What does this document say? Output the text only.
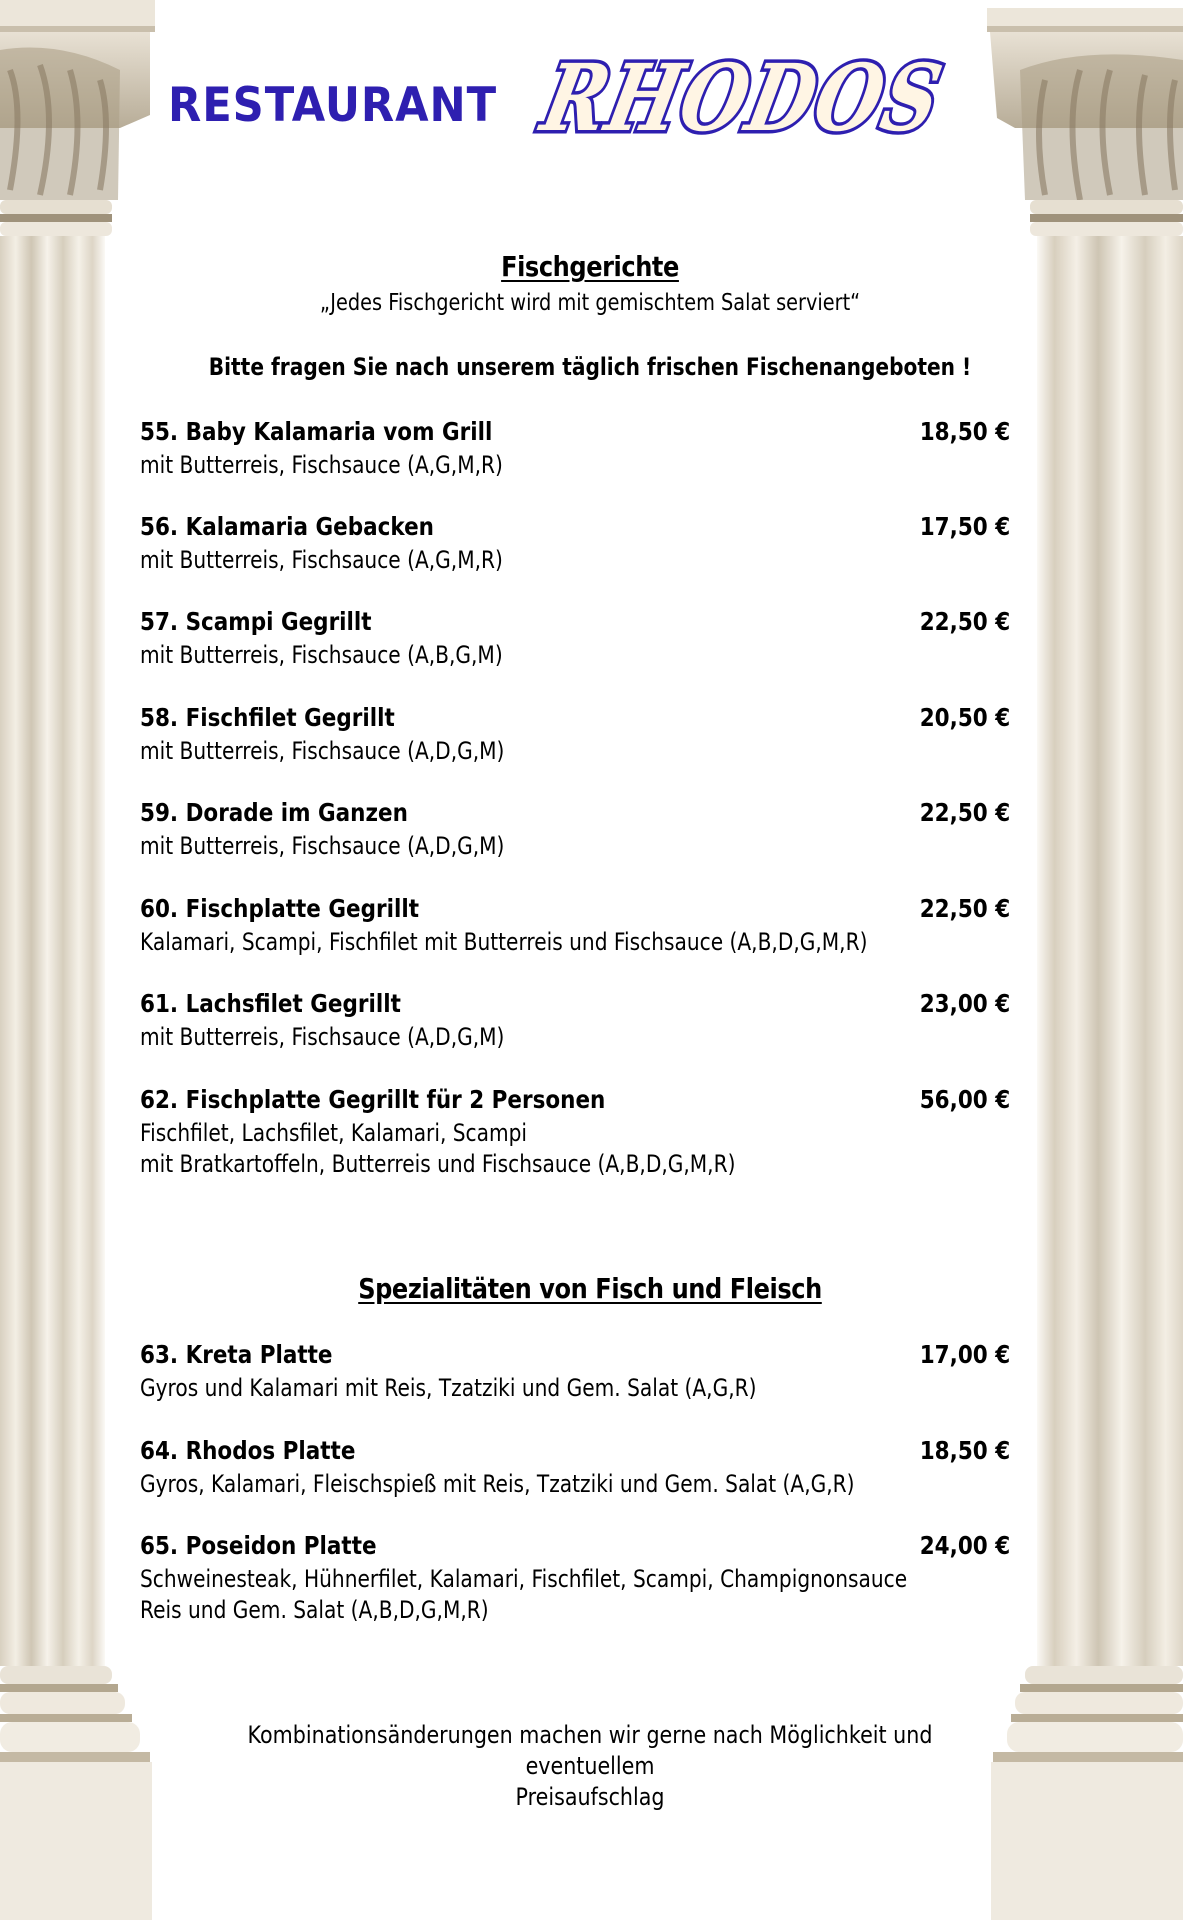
RESTAURANT RHODOS
Fischgerichte
„Jedes Fischgericht wird mit gemischtem Salat serviert“
Bitte fragen Sie nach unserem täglich frischen Fischenangeboten !
55. Baby Kalamaria vom Grill	18,50 €
mit Butterreis, Fischsauce (A,G,M,R)
56. Kalamaria Gebacken	17,50 €
mit Butterreis, Fischsauce (A,G,M,R)
57. Scampi Gegrillt	22,50 €
mit Butterreis, Fischsauce (A,B,G,M)
58. Fischfilet Gegrillt	20,50 €
mit Butterreis, Fischsauce (A,D,G,M)
59. Dorade im Ganzen	22,50 €
mit Butterreis, Fischsauce (A,D,G,M)
60. Fischplatte Gegrillt	22,50 €
Kalamari, Scampi, Fischfilet mit Butterreis und Fischsauce (A,B,D,G,M,R)
61. Lachsfilet Gegrillt	23,00 €
mit Butterreis, Fischsauce (A,D,G,M)
62. Fischplatte Gegrillt für 2 Personen	56,00 €
Fischfilet, Lachsfilet, Kalamari, Scampi
mit Bratkartoffeln, Butterreis und Fischsauce (A,B,D,G,M,R)
Spezialitäten von Fisch und Fleisch
63. Kreta Platte	17,00 €
Gyros und Kalamari mit Reis, Tzatziki und Gem. Salat (A,G,R)
64. Rhodos Platte	18,50 €
Gyros, Kalamari, Fleischspieß mit Reis, Tzatziki und Gem. Salat (A,G,R)
65. Poseidon Platte	24,00 €
Schweinesteak, Hühnerfilet, Kalamari, Fischfilet, Scampi, Champignonsauce
Reis und Gem. Salat (A,B,D,G,M,R)
Kombinationsänderungen machen wir gerne nach Möglichkeit und eventuellem
Preisaufschlag
